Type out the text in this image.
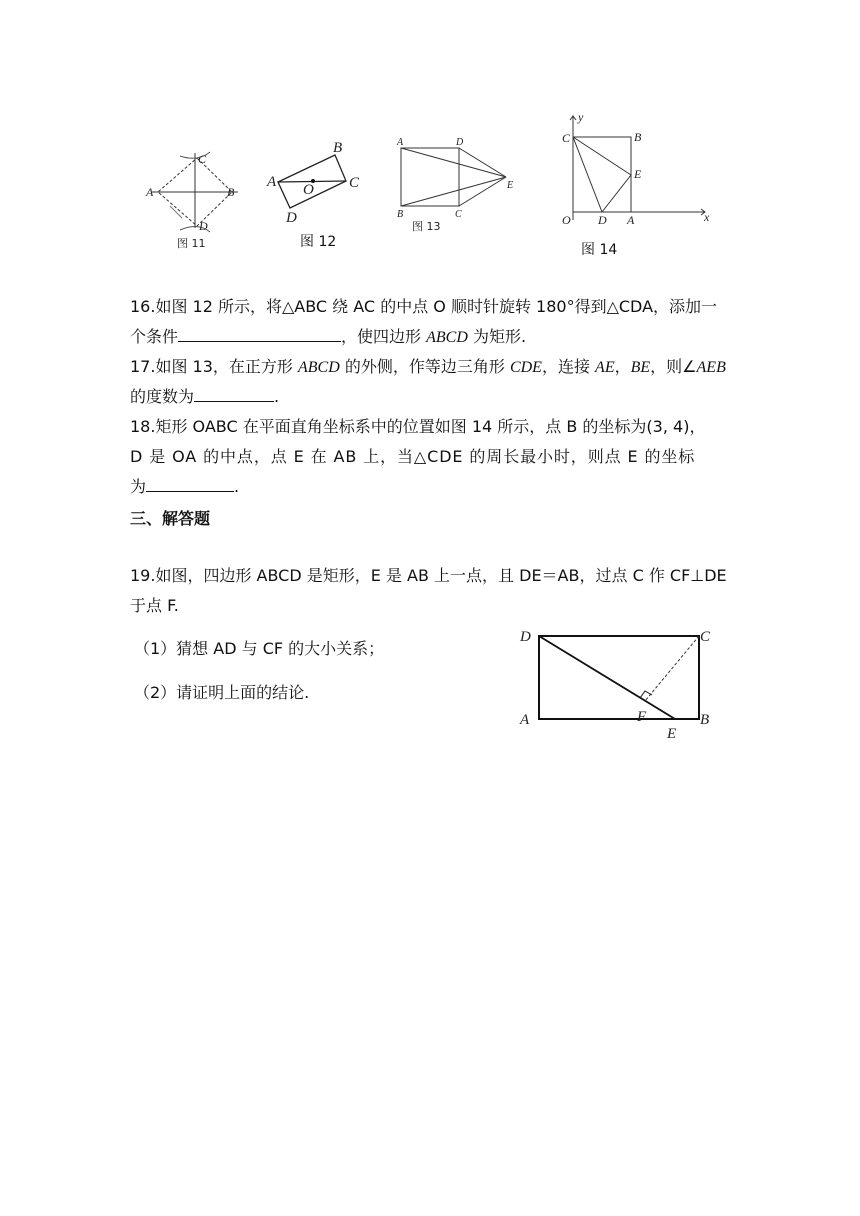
C
A	B
D
图 11
A
B
C
D
O
图 12
A	D
B	C
E
图 13
y
x
C	B
E
O D A
图 14
16.如图 12 所示，将△ABC 绕 AC 的中点 O 顺时针旋转 180°得到△CDA，添加一
个条件	，使四边形 ABCD 为矩形.
17.如图 13，在正方形 ABCD 的外侧，作等边三角形 CDE，连接 AE，BE，则∠AEB
的度数为	.
18.矩形 OABC 在平面直角坐标系中的位置如图 14 所示，点 B 的坐标为(3, 4)，
D 是 OA 的中点，点 E 在 AB 上，当△CDE 的周长最小时，则点 E 的坐标
为	.
三、解答题
19.如图，四边形 ABCD 是矩形，E 是 AB 上一点，且 DE＝AB，过点 C 作 CF⊥DE
于点 F.
（1）猜想 AD 与 CF 的大小关系；
（2）请证明上面的结论.
D	C
A	F	B
E
